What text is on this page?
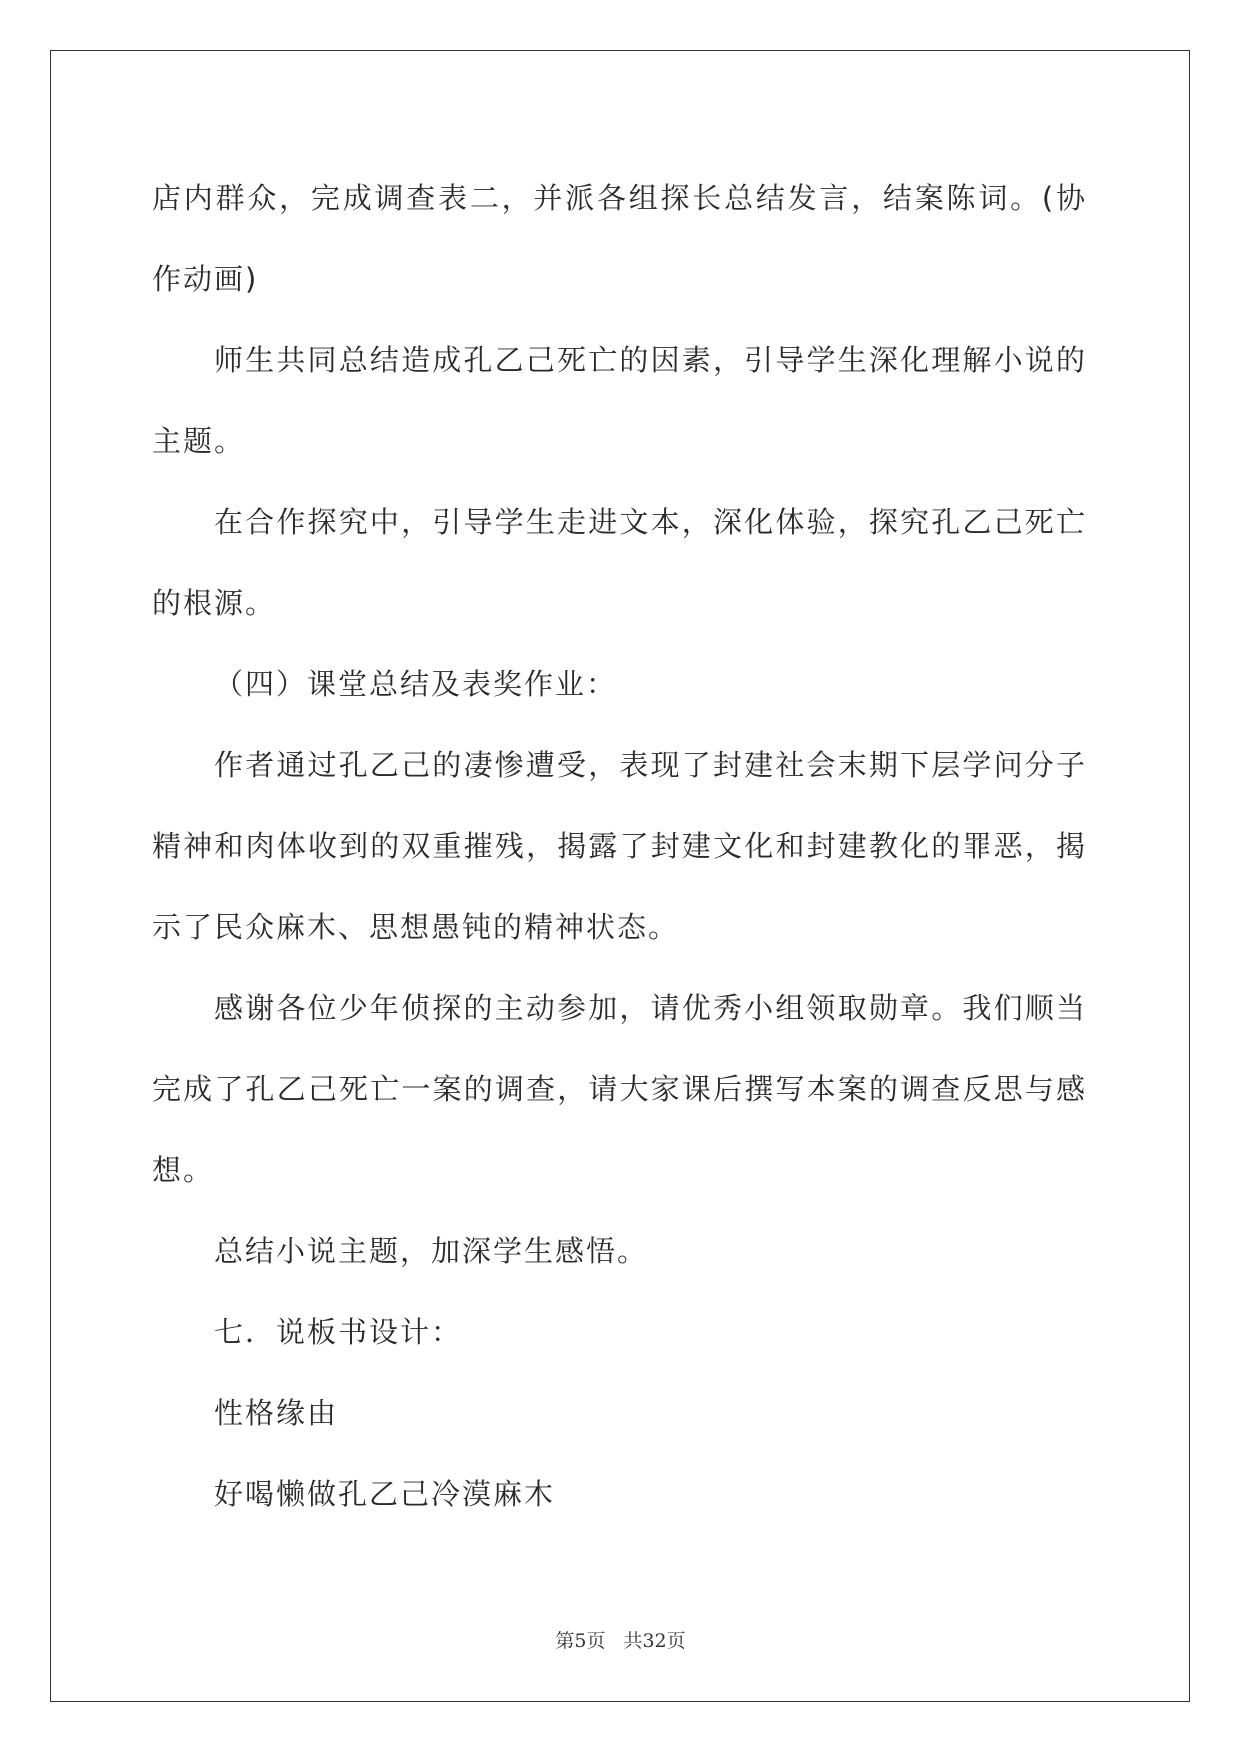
店内群众，完成调查表二，并派各组探长总结发言，结案陈词。(协作动画)

师生共同总结造成孔乙己死亡的因素，引导学生深化理解小说的主题。

在合作探究中，引导学生走进文本，深化体验，探究孔乙己死亡的根源。

（四）课堂总结及表奖作业：

作者通过孔乙己的凄惨遭受，表现了封建社会末期下层学问分子精神和肉体收到的双重摧残，揭露了封建文化和封建教化的罪恶，揭示了民众麻木、思想愚钝的精神状态。

感谢各位少年侦探的主动参加，请优秀小组领取勋章。我们顺当完成了孔乙己死亡一案的调查，请大家课后撰写本案的调查反思与感想。

总结小说主题，加深学生感悟。

七．说板书设计：

性格缘由

好喝懒做孔乙己冷漠麻木

第5页 共32页
